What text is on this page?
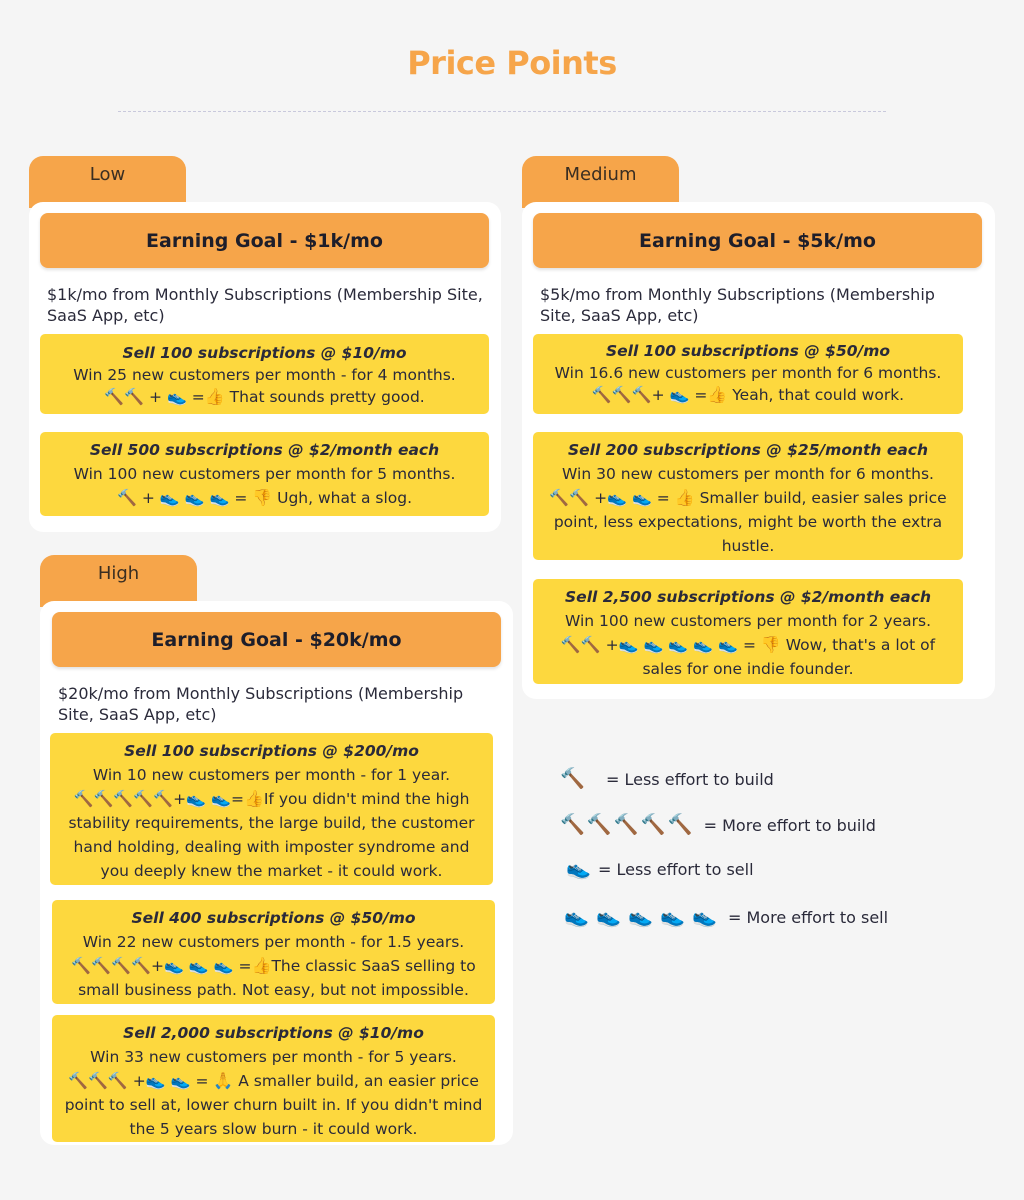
Price Points
Low
Earning Goal - $1k/mo
$1k/mo from Monthly Subscriptions (Membership Site, SaaS App, etc)
Sell 100 subscriptions @ $10/mo
Win 25 new customers per month - for 4 months.
🔨🔨 + 👟 =👍 That sounds pretty good.
Sell 500 subscriptions @ $2/month each
Win 100 new customers per month for 5 months.
🔨 + 👟 👟 👟 = 👎 Ugh, what a slog.
Medium
Earning Goal - $5k/mo
$5k/mo from Monthly Subscriptions (Membership Site, SaaS App, etc)
Sell 100 subscriptions @ $50/mo
Win 16.6 new customers per month for 6 months.
🔨🔨🔨+ 👟 =👍 Yeah, that could work.
Sell 200 subscriptions @ $25/month each
Win 30 new customers per month for 6 months.
🔨🔨 +👟 👟 = 👍 Smaller build, easier sales price point, less expectations, might be worth the extra hustle.
Sell 2,500 subscriptions @ $2/month each
Win 100 new customers per month for 2 years.
🔨🔨 +👟 👟 👟 👟 👟 = 👎 Wow, that's a lot of sales for one indie founder.
High
Earning Goal - $20k/mo
$20k/mo from Monthly Subscriptions (Membership Site, SaaS App, etc)
Sell 100 subscriptions @ $200/mo
Win 10 new customers per month - for 1 year.
🔨🔨🔨🔨🔨+👟 👟=👍If you didn't mind the high stability requirements, the large build, the customer hand holding, dealing with imposter syndrome and you deeply knew the market - it could work.
Sell 400 subscriptions @ $50/mo
Win 22 new customers per month - for 1.5 years.
🔨🔨🔨🔨+👟 👟 👟 =👍The classic SaaS selling to small business path. Not easy, but not impossible.
Sell 2,000 subscriptions @ $10/mo
Win 33 new customers per month - for 5 years.
🔨🔨🔨 +👟 👟 = 🙏 A smaller build, an easier price point to sell at, lower churn built in. If you didn't mind the 5 years slow burn - it could work.
🔨 = Less effort to build
🔨 🔨 🔨 🔨 🔨 = More effort to build
👟 = Less effort to sell
👟 👟 👟 👟 👟 = More effort to sell
